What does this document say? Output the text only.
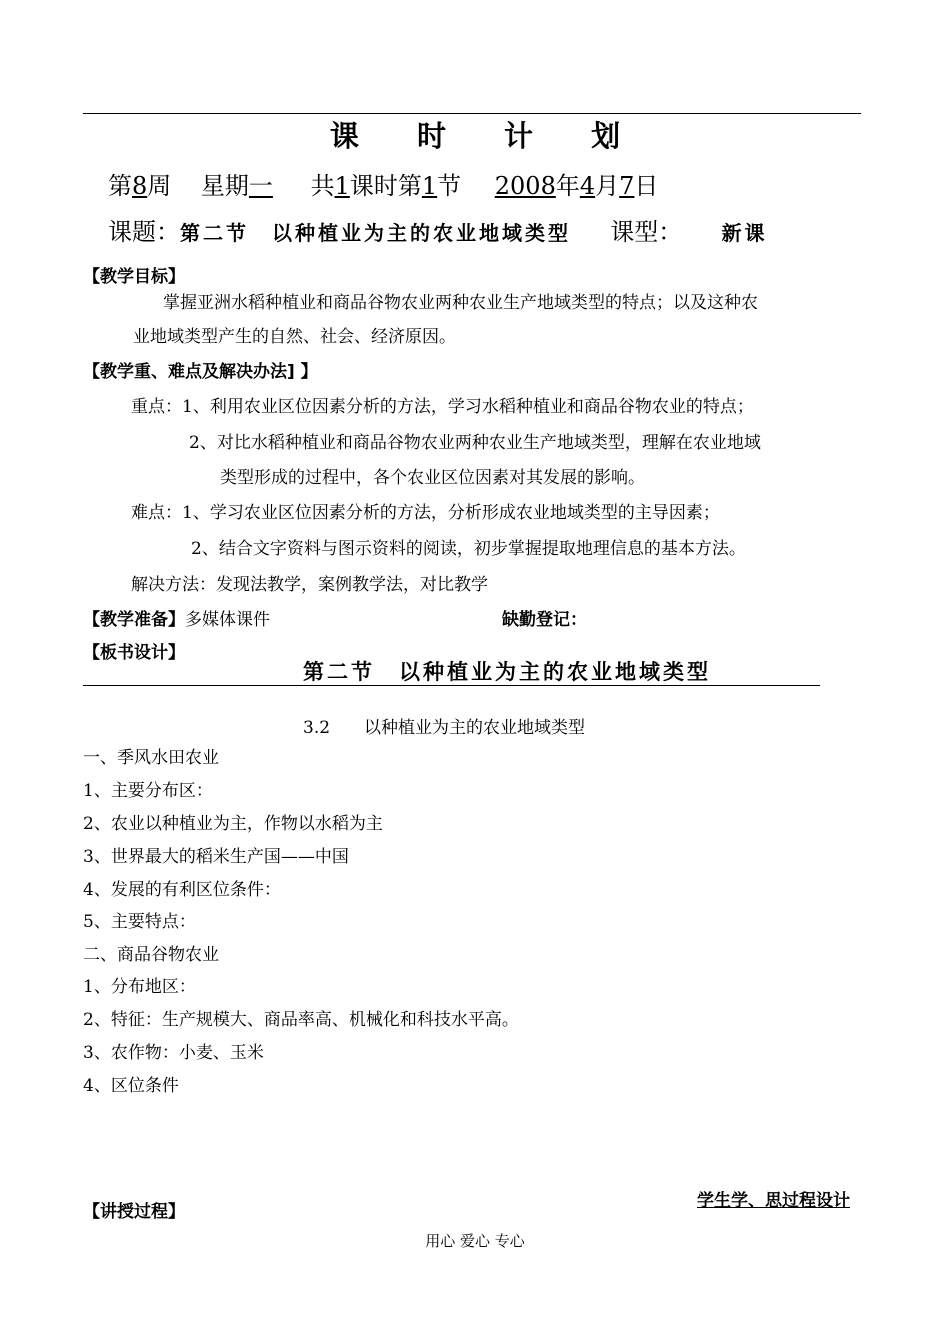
课 时 计 划
第8周 星期一 共1课时第1节 2008年4月7日
课题：第二节　以种植业为主的农业地域类型 课型： 新课
【教学目标】
掌握亚洲水稻种植业和商品谷物农业两种农业生产地域类型的特点；以及这种农
业地域类型产生的自然、社会、经济原因。
【教学重、难点及解决办法] 】
重点：1、利用农业区位因素分析的方法，学习水稻种植业和商品谷物农业的特点；
2、对比水稻种植业和商品谷物农业两种农业生产地域类型，理解在农业地域
类型形成的过程中，各个农业区位因素对其发展的影响。
难点：1、学习农业区位因素分析的方法，分析形成农业地域类型的主导因素；
2、结合文字资料与图示资料的阅读，初步掌握提取地理信息的基本方法。
解决方法：发现法教学，案例教学法，对比教学
【教学准备】多媒体课件	缺勤登记：
【板书设计】
第二节　以种植业为主的农业地域类型
3.2 以种植业为主的农业地域类型
一、季风水田农业
1、主要分布区：
2、农业以种植业为主，作物以水稻为主
3、世界最大的稻米生产国——中国
4、发展的有利区位条件：
5、主要特点：
二、商品谷物农业
1、分布地区：
2、特征：生产规模大、商品率高、机械化和科技水平高。
3、农作物：小麦、玉米
4、区位条件
【讲授过程】
学生学、思过程设计
用心 爱心 专心
